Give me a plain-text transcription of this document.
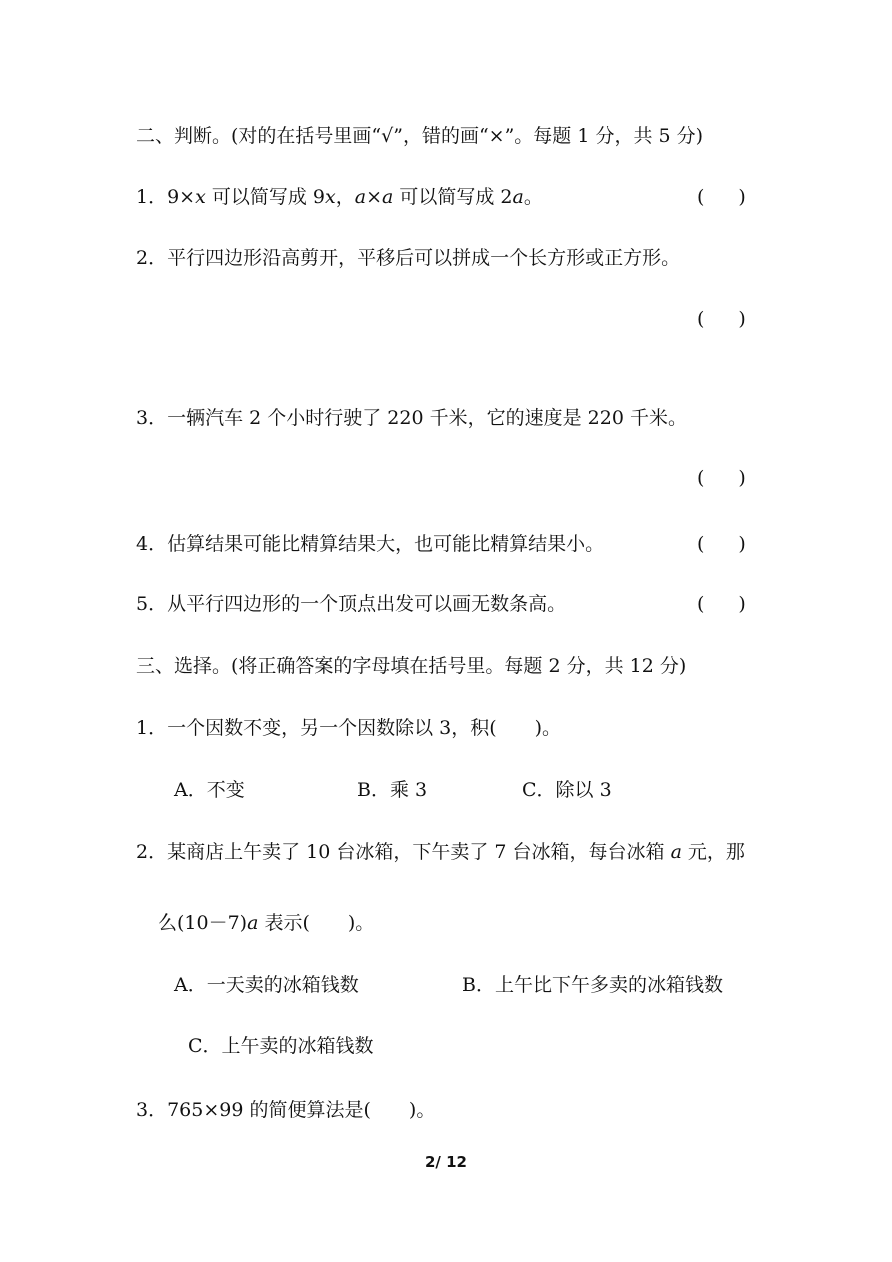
二、判断。(对的在括号里画“√”，错的画“×”。每题 1 分，共 5 分)
1．9×x 可以简写成 9x，a×a 可以简写成 2a。	( )
2．平行四边形沿高剪开，平移后可以拼成一个长方形或正方形。
( )
3．一辆汽车 2 个小时行驶了 220 千米，它的速度是 220 千米。
( )
4．估算结果可能比精算结果大，也可能比精算结果小。	( )
5．从平行四边形的一个顶点出发可以画无数条高。	( )
三、选择。(将正确答案的字母填在括号里。每题 2 分，共 12 分)
1．一个因数不变，另一个因数除以 3，积(　　)。
A．不变	B．乘 3	C．除以 3
2．某商店上午卖了 10 台冰箱，下午卖了 7 台冰箱，每台冰箱 a 元，那
么(10－7)a 表示(　　)。
A．一天卖的冰箱钱数	B．上午比下午多卖的冰箱钱数
C．上午卖的冰箱钱数
3．765×99 的简便算法是(　　)。
2/ 12
